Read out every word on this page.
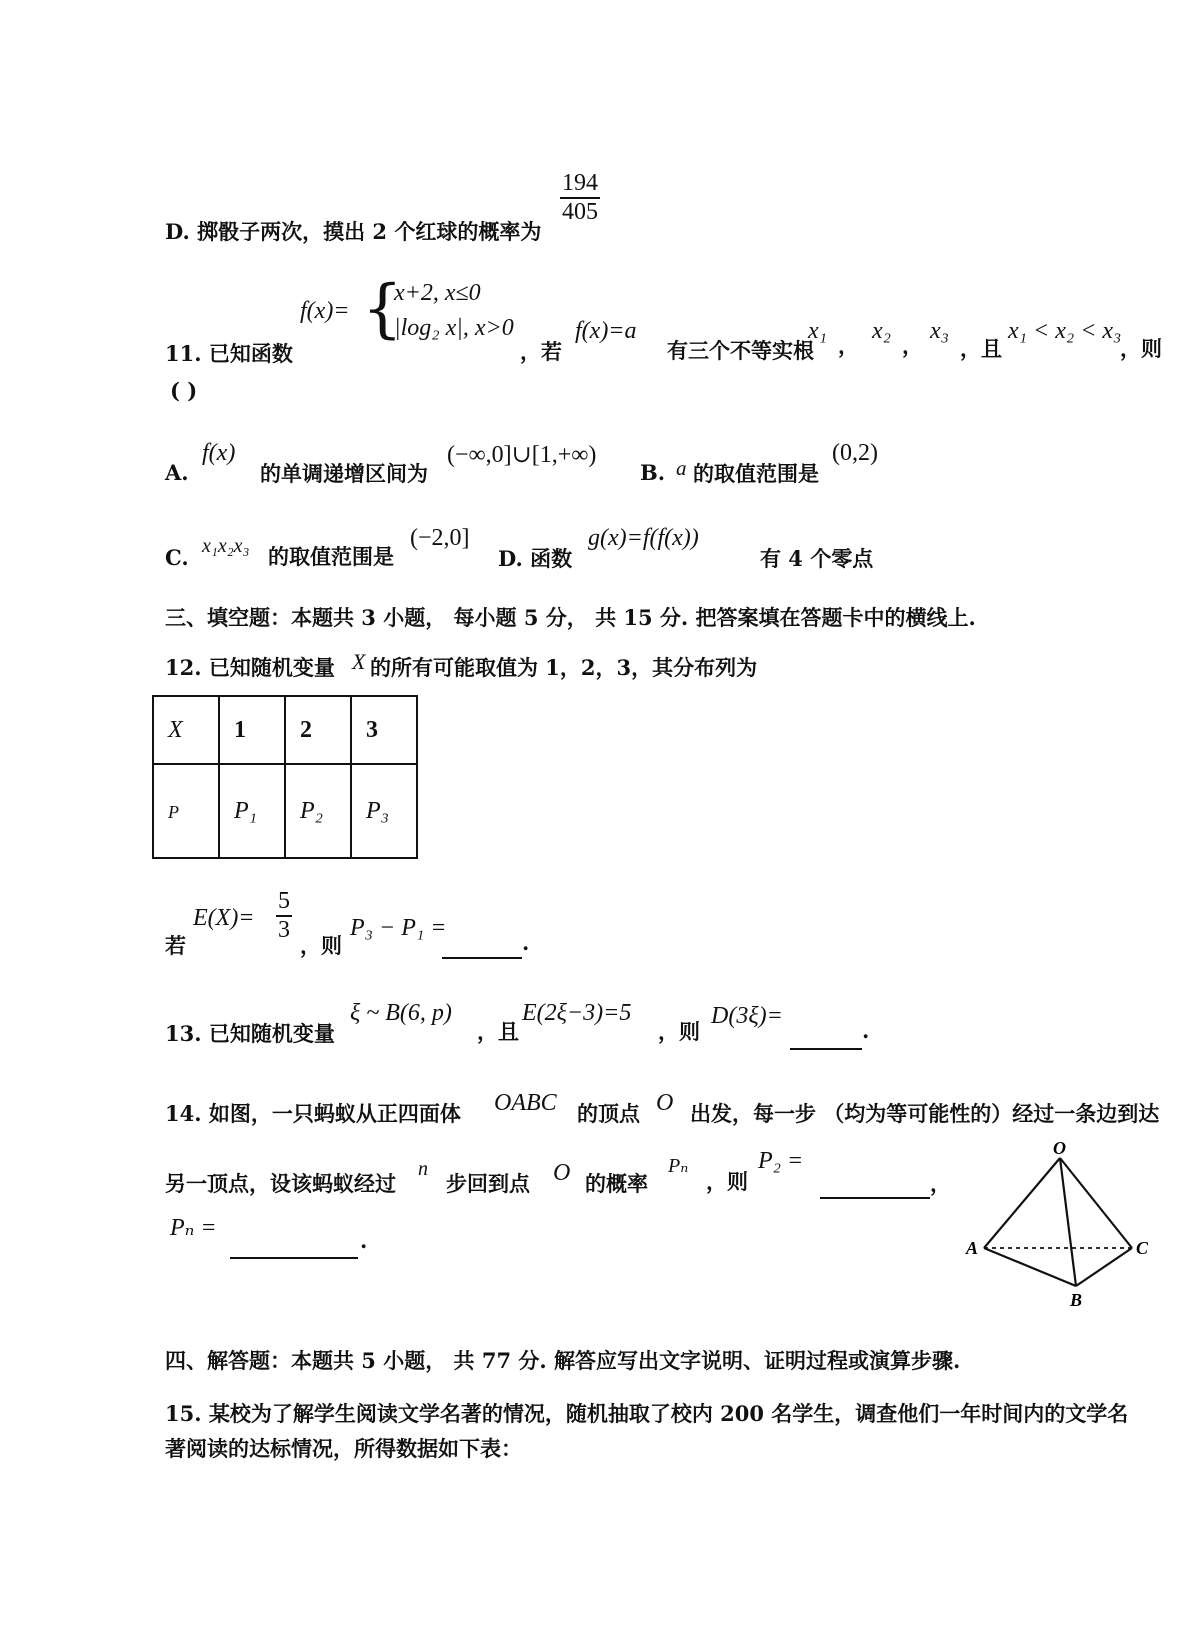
D. 掷骰子两次，摸出 2 个红球的概率为
$\frac{194}{405}$
11. 已知函数
f(x)= {
x+2, x≤0
|log₂ x|, x>0
，若
f(x)=a
有三个不等实根
x₁
，
x₂
，
x₃
，且
x₁ < x₂ < x₃
，则
( )
A.
f(x)
的单调递增区间为
(−∞,0]∪[1,+∞)
B. a 的取值范围是
(0,2)
C. x₁x₂x₃ 的取值范围是
(−2,0]
D. 函数
g(x)=f(f(x))
有 4 个零点
三、填空题：本题共 3 小题， 每小题 5 分， 共 15 分. 把答案填在答题卡中的横线上.
12. 已知随机变量 X 的所有可能取值为 1，2，3，其分布列为
X	1	2	3
P	P₁	P₂	P₃
若
$E(X)= \frac{5}{3}$
，则
P₃ − P₁ =
.
13. 已知随机变量
ξ ~ B(6, p)
，且
E(2ξ−3)=5
，则
D(3ξ)=
.
14. 如图，一只蚂蚁从正四面体 OABC 的顶点 O 出发，每一步 （均为等可能性的）经过一条边到达
另一顶点，设该蚂蚁经过
n
步回到点 O 的概率
Pₙ
，则
P₂ =
，
Pₙ =	.
O
A	C
B
四、解答题：本题共 5 小题， 共 77 分. 解答应写出文字说明、证明过程或演算步骤.
15. 某校为了解学生阅读文学名著的情况，随机抽取了校内 200 名学生，调查他们一年时间内的文学名
著阅读的达标情况，所得数据如下表：
